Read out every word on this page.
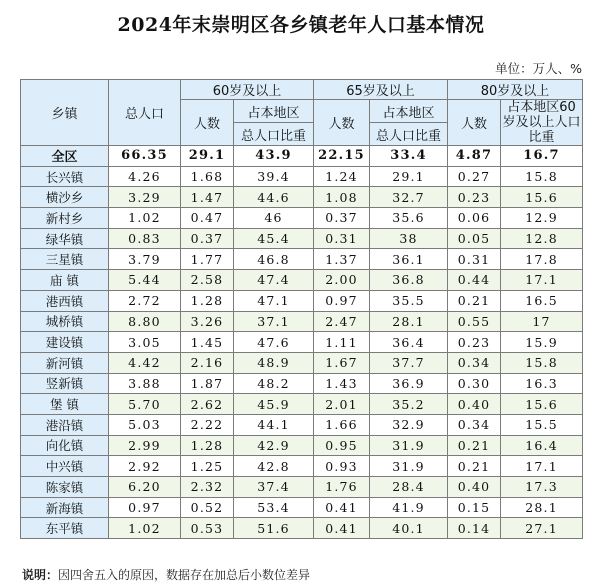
2024年末崇明区各乡镇老年人口基本情况
单位：万人、%
乡镇	总人口	60岁及以上		65岁及以上		80岁及以上	
		人数	占本地区	人数	占本地区	人数	占本地区60岁及以上人口比重
			总人口比重		总人口比重		
全区	66.35	29.1	43.9	22.15	33.4	4.87	16.7
长兴镇	4.26	1.68	39.4	1.24	29.1	0.27	15.8
横沙乡	3.29	1.47	44.6	1.08	32.7	0.23	15.6
新村乡	1.02	0.47	46	0.37	35.6	0.06	12.9
绿华镇	0.83	0.37	45.4	0.31	38	0.05	12.8
三星镇	3.79	1.77	46.8	1.37	36.1	0.31	17.8
庙 镇	5.44	2.58	47.4	2.00	36.8	0.44	17.1
港西镇	2.72	1.28	47.1	0.97	35.5	0.21	16.5
城桥镇	8.80	3.26	37.1	2.47	28.1	0.55	17
建设镇	3.05	1.45	47.6	1.11	36.4	0.23	15.9
新河镇	4.42	2.16	48.9	1.67	37.7	0.34	15.8
竖新镇	3.88	1.87	48.2	1.43	36.9	0.30	16.3
堡 镇	5.70	2.62	45.9	2.01	35.2	0.40	15.6
港沿镇	5.03	2.22	44.1	1.66	32.9	0.34	15.5
向化镇	2.99	1.28	42.9	0.95	31.9	0.21	16.4
中兴镇	2.92	1.25	42.8	0.93	31.9	0.21	17.1
陈家镇	6.20	2.32	37.4	1.76	28.4	0.40	17.3
新海镇	0.97	0.52	53.4	0.41	41.9	0.15	28.1
东平镇	1.02	0.53	51.6	0.41	40.1	0.14	27.1
说明：因四舍五入的原因，数据存在加总后小数位差异
